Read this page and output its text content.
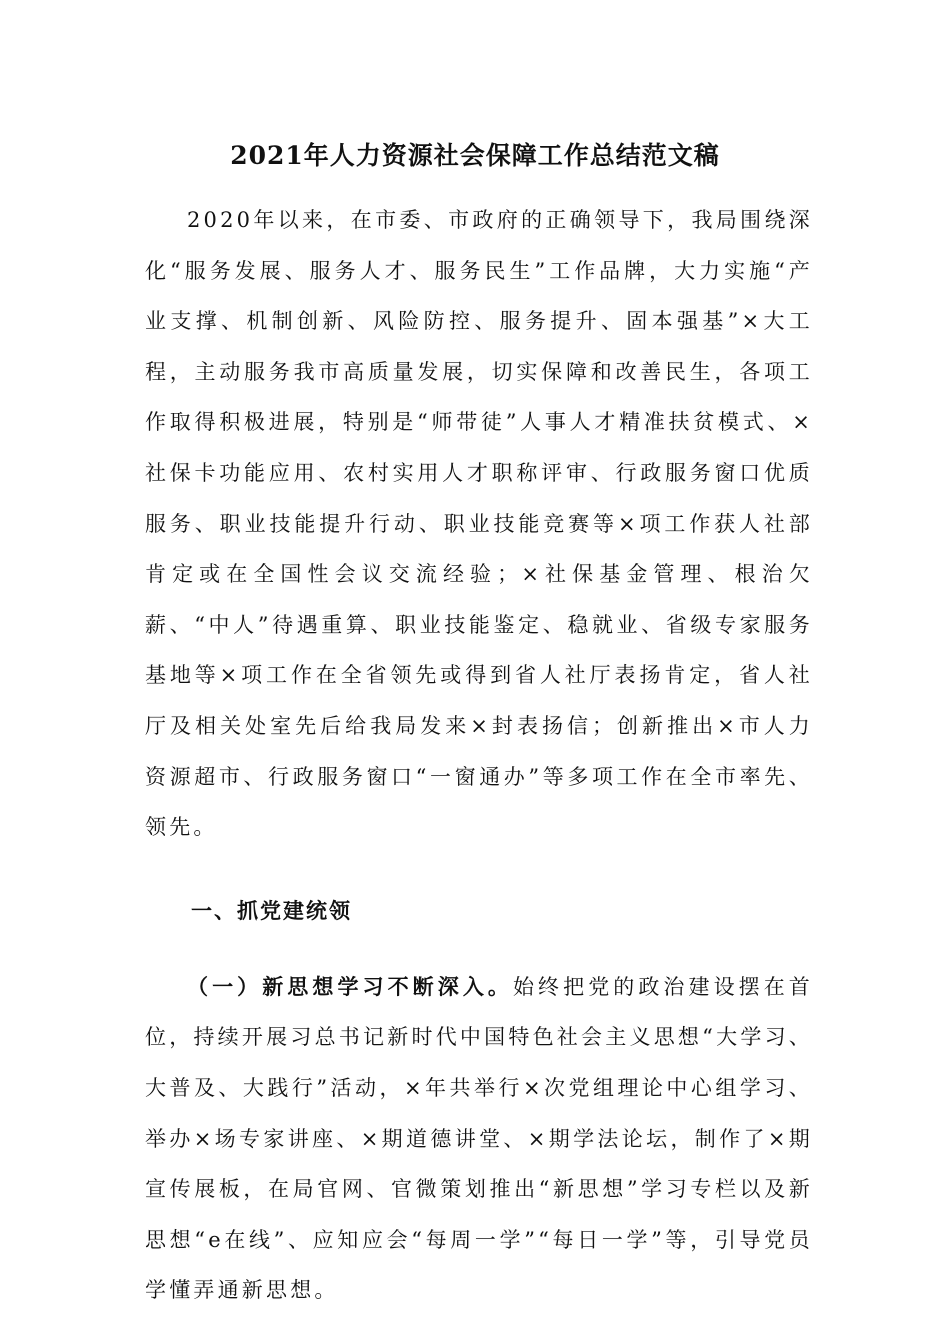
2021年人力资源社会保障工作总结范文稿

2020年以来，在市委、市政府的正确领导下，我局围绕深化“服务发展、服务人才、服务民生”工作品牌，大力实施“产业支撑、机制创新、风险防控、服务提升、固本强基”×大工程，主动服务我市高质量发展，切实保障和改善民生，各项工作取得积极进展，特别是“师带徒”人事人才精准扶贫模式、×社保卡功能应用、农村实用人才职称评审、行政服务窗口优质服务、职业技能提升行动、职业技能竞赛等×项工作获人社部肯定或在全国性会议交流经验；×社保基金管理、根治欠薪、“中人”待遇重算、职业技能鉴定、稳就业、省级专家服务基地等×项工作在全省领先或得到省人社厅表扬肯定，省人社厅及相关处室先后给我局发来×封表扬信；创新推出×市人力资源超市、行政服务窗口“一窗通办”等多项工作在全市率先、领先。

一、抓党建统领

（一）新思想学习不断深入。始终把党的政治建设摆在首位，持续开展习总书记新时代中国特色社会主义思想“大学习、大普及、大践行”活动，×年共举行×次党组理论中心组学习、举办×场专家讲座、×期道德讲堂、×期学法论坛，制作了×期宣传展板，在局官网、官微策划推出“新思想”学习专栏以及新思想“e在线”、应知应会“每周一学”“每日一学”等，引导党员学懂弄通新思想。
